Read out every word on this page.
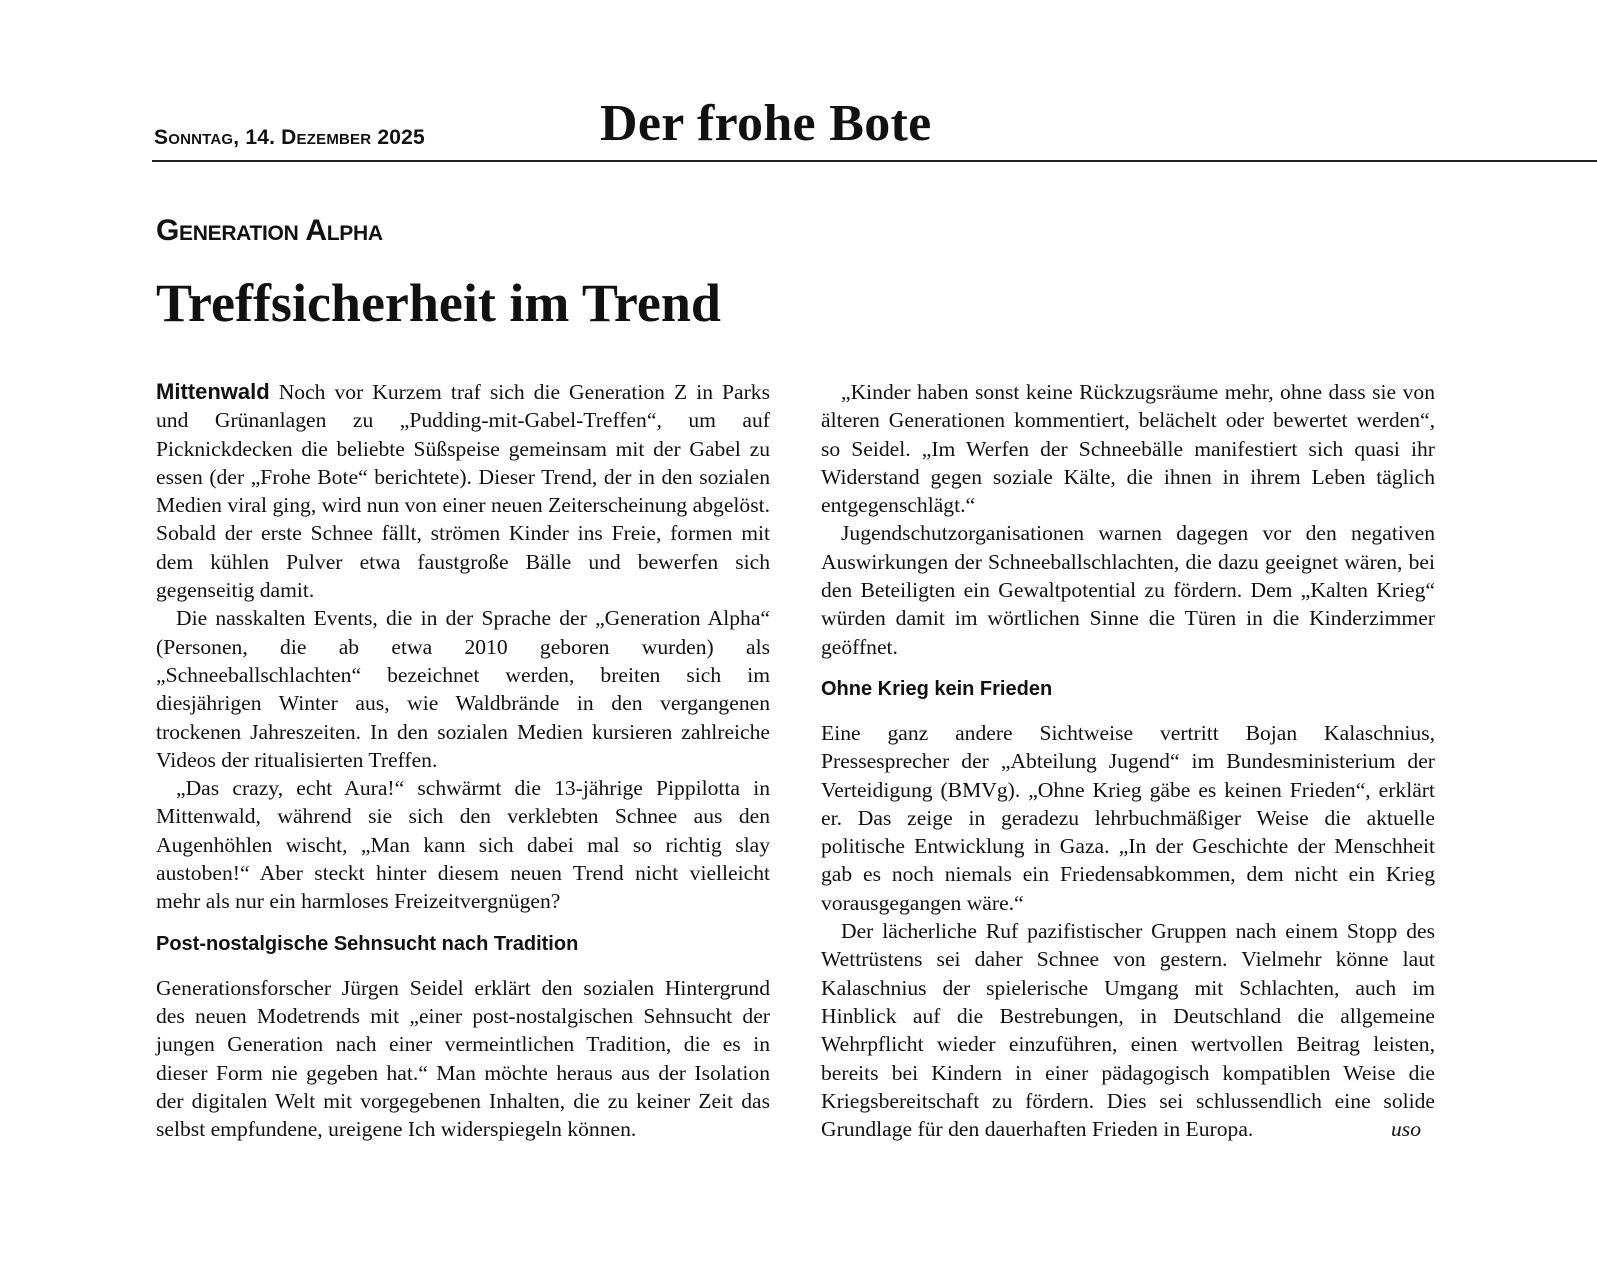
Sonntag, 14. Dezember 2025	Der frohe Bote
Generation Alpha
Treffsicherheit im Trend

Mittenwald Noch vor Kurzem traf sich die Generation Z in Parks und Grünanlagen zu „Pudding-mit-Gabel-Treffen“, um auf Picknickdecken die beliebte Süßspeise gemeinsam mit der Gabel zu essen (der „Frohe Bote“ berichtete). Dieser Trend, der in den sozialen Medien viral ging, wird nun von einer neuen Zeiterscheinung abgelöst. Sobald der erste Schnee fällt, strömen Kinder ins Freie, formen mit dem kühlen Pulver etwa faustgroße Bälle und bewerfen sich gegenseitig damit.

Die nasskalten Events, die in der Sprache der „Generation Alpha“ (Personen, die ab etwa 2010 geboren wurden) als „Schneeballschlachten“ bezeichnet werden, breiten sich im diesjährigen Winter aus, wie Waldbrände in den vergangenen trockenen Jahreszeiten. In den sozialen Medien kursieren zahlreiche Videos der ritualisierten Treffen.

„Das crazy, echt Aura!“ schwärmt die 13-jährige Pippilotta in Mittenwald, während sie sich den verklebten Schnee aus den Augenhöhlen wischt, „Man kann sich dabei mal so richtig slay austoben!“ Aber steckt hinter diesem neuen Trend nicht vielleicht mehr als nur ein harmloses Freizeitvergnügen?

Post-nostalgische Sehnsucht nach Tradition

Generationsforscher Jürgen Seidel erklärt den sozialen Hintergrund des neuen Modetrends mit „einer post-nostalgischen Sehnsucht der jungen Generation nach einer vermeintlichen Tradition, die es in dieser Form nie gegeben hat.“ Man möchte heraus aus der Isolation der digitalen Welt mit vorgegebenen Inhalten, die zu keiner Zeit das selbst empfundene, ureigene Ich widerspiegeln können.

„Kinder haben sonst keine Rückzugsräume mehr, ohne dass sie von älteren Generationen kommentiert, belächelt oder bewertet werden“, so Seidel. „Im Werfen der Schneebälle manifestiert sich quasi ihr Widerstand gegen soziale Kälte, die ihnen in ihrem Leben täglich entgegenschlägt.“

Jugendschutzorganisationen warnen dagegen vor den negativen Auswirkungen der Schneeballschlachten, die dazu geeignet wären, bei den Beteiligten ein Gewaltpotential zu fördern. Dem „Kalten Krieg“ würden damit im wörtlichen Sinne die Türen in die Kinderzimmer geöffnet.

Ohne Krieg kein Frieden

Eine ganz andere Sichtweise vertritt Bojan Kalaschnius, Pressesprecher der „Abteilung Jugend“ im Bundesministerium der Verteidigung (BMVg). „Ohne Krieg gäbe es keinen Frieden“, erklärt er. Das zeige in geradezu lehrbuchmäßiger Weise die aktuelle politische Entwicklung in Gaza. „In der Geschichte der Menschheit gab es noch niemals ein Friedensabkommen, dem nicht ein Krieg vorausgegangen wäre.“

Der lächerliche Ruf pazifistischer Gruppen nach einem Stopp des Wettrüstens sei daher Schnee von gestern. Vielmehr könne laut Kalaschnius der spielerische Umgang mit Schlachten, auch im Hinblick auf die Bestrebungen, in Deutschland die allgemeine Wehrpflicht wieder einzuführen, einen wertvollen Beitrag leisten, bereits bei Kindern in einer pädagogisch kompatiblen Weise die Kriegsbereitschaft zu fördern. Dies sei schlussendlich eine solide Grundlage für den dauerhaften Frieden in Europa.	uso
